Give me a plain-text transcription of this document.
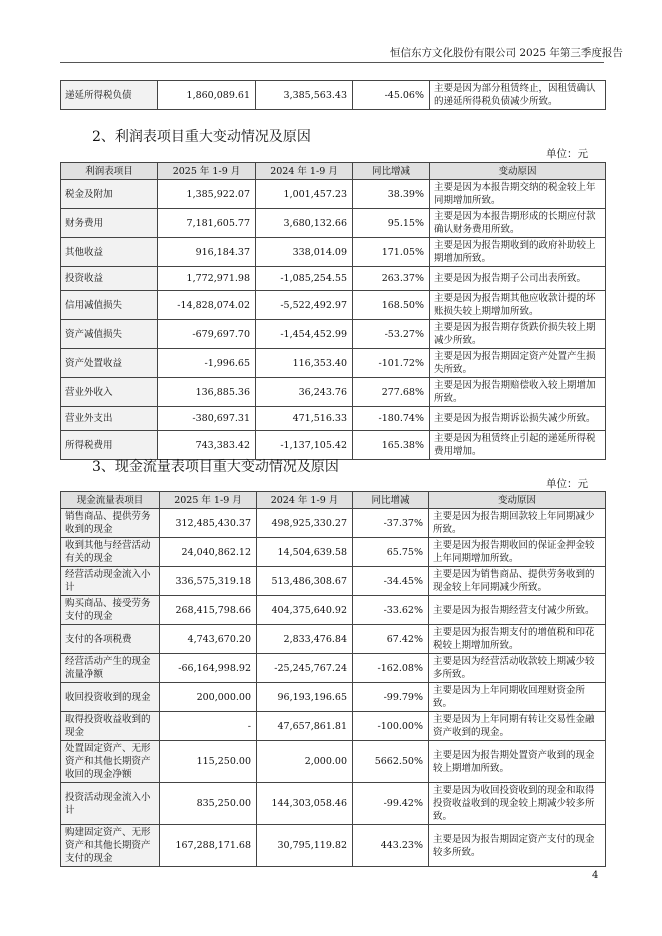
恒信东方文化股份有限公司 2025 年第三季度报告
递延所得税负债	1,860,089.61	3,385,563.43	-45.06%	主要是因为部分租赁终止，因租赁确认的递延所得税负债减少所致。
2、利润表项目重大变动情况及原因
单位：元
利润表项目	2025 年 1-9 月	2024 年 1-9 月	同比增减	变动原因
税金及附加	1,385,922.07	1,001,457.23	38.39%	主要是因为本报告期交纳的税金较上年同期增加所致。
财务费用	7,181,605.77	3,680,132.66	95.15%	主要是因为本报告期形成的长期应付款确认财务费用所致。
其他收益	916,184.37	338,014.09	171.05%	主要是因为报告期收到的政府补助较上期增加所致。
投资收益	1,772,971.98	-1,085,254.55	263.37%	主要是因为报告期子公司出表所致。
信用减值损失	-14,828,074.02	-5,522,492.97	168.50%	主要是因为报告期其他应收款计提的坏账损失较上期增加所致。
资产减值损失	-679,697.70	-1,454,452.99	-53.27%	主要是因为报告期存货跌价损失较上期减少所致。
资产处置收益	-1,996.65	116,353.40	-101.72%	主要是因为报告期固定资产处置产生损失所致。
营业外收入	136,885.36	36,243.76	277.68%	主要是因为报告期赔偿收入较上期增加所致。
营业外支出	-380,697.31	471,516.33	-180.74%	主要是因为报告期诉讼损失减少所致。
所得税费用	743,383.42	-1,137,105.42	165.38%	主要是因为租赁终止引起的递延所得税费用增加。
3、现金流量表项目重大变动情况及原因
单位：元
现金流量表项目	2025 年 1-9 月	2024 年 1-9 月	同比增减	变动原因
销售商品、提供劳务收到的现金	312,485,430.37	498,925,330.27	-37.37%	主要是因为报告期回款较上年同期减少所致。
收到其他与经营活动有关的现金	24,040,862.12	14,504,639.58	65.75%	主要是因为报告期收回的保证金押金较上年同期增加所致。
经营活动现金流入小计	336,575,319.18	513,486,308.67	-34.45%	主要是因为销售商品、提供劳务收到的现金较上年同期减少所致。
购买商品、接受劳务支付的现金	268,415,798.66	404,375,640.92	-33.62%	主要是因为报告期经营支付减少所致。
支付的各项税费	4,743,670.20	2,833,476.84	67.42%	主要是因为报告期支付的增值税和印花税较上期增加所致。
经营活动产生的现金流量净额	-66,164,998.92	-25,245,767.24	-162.08%	主要是因为经营活动收款较上期减少较多所致。
收回投资收到的现金	200,000.00	96,193,196.65	-99.79%	主要是因为上年同期收回理财资金所致。
取得投资收益收到的现金	-	47,657,861.81	-100.00%	主要是因为上年同期有转让交易性金融资产收到的现金。
处置固定资产、无形资产和其他长期资产收回的现金净额	115,250.00	2,000.00	5662.50%	主要是因为报告期处置资产收到的现金较上期增加所致。
投资活动现金流入小计	835,250.00	144,303,058.46	-99.42%	主要是因为收回投资收到的现金和取得投资收益收到的现金较上期减少较多所致。
购建固定资产、无形资产和其他长期资产支付的现金	167,288,171.68	30,795,119.82	443.23%	主要是因为报告期固定资产支付的现金较多所致。
4
